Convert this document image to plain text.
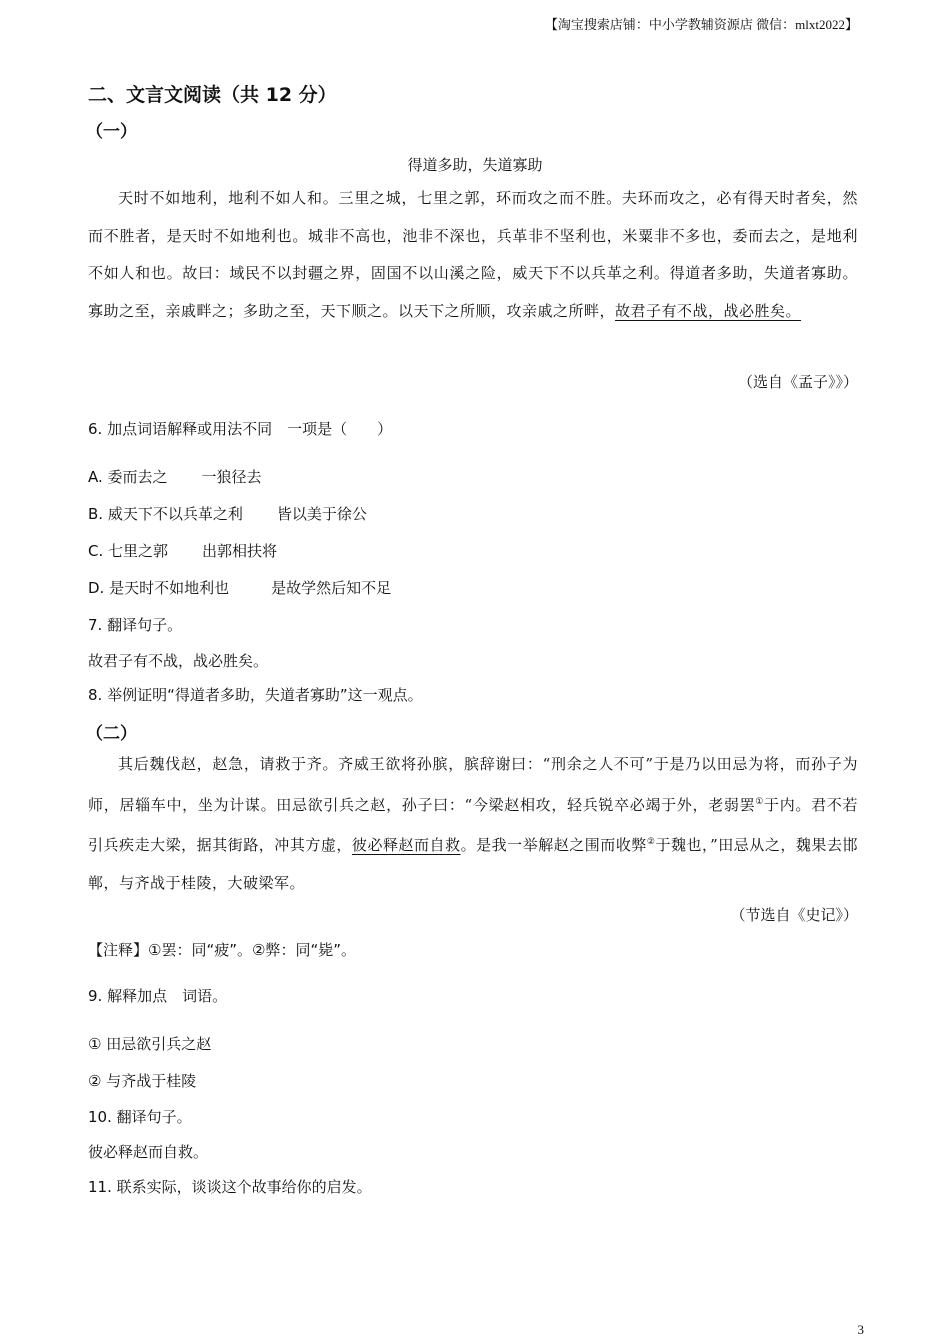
【淘宝搜索店铺：中小学教辅资源店 微信：mlxt2022】
二、文言文阅读（共 12 分）
（一）
得道多助，失道寡助

天时不如地利，地利不如人和。三里之城，七里之郭，环而攻之而不胜。夫环而攻之，必有得天时者矣，然而不胜者，是天时不如地利也。城非不高也，池非不深也，兵革非不坚利也，米粟非不多也，委而去之，是地利不如人和也。故曰：域民不以封疆之界，固国不以山溪之险，威天下不以兵革之利。得道者多助，失道者寡助。寡助之至，亲戚畔之；多助之至，天下顺之。以天下之所顺，攻亲戚之所畔，故君子有不战，战必胜矣。

（选自《孟子》》）
6. 加点词语解释或用法不同　一项是（　　）
A. 委而去之 一狼径去
B. 威天下不以兵革之利 皆以美于徐公
C. 七里之郭 出郭相扶将
D. 是天时不如地利也	是故学然后知不足
7. 翻译句子。
故君子有不战，战必胜矣。
8. 举例证明“得道者多助，失道者寡助”这一观点。
（二）

其后魏伐赵，赵急，请救于齐。齐威王欲将孙膑，膑辞谢曰：“刑余之人不可”于是乃以田忌为将，而孙子为师，居辎车中，坐为计谋。田忌欲引兵之赵，孙子曰：“今梁赵相攻，轻兵锐卒必竭于外，老弱罢①于内。君不若引兵疾走大梁，据其街路，冲其方虚，彼必释赵而自救。是我一举解赵之围而收弊②于魏也，”田忌从之，魏果去邯郸，与齐战于桂陵，大破梁军。

（节选自《史记》）
【注释】①罢：同“疲”。②弊：同“毙”。
9. 解释加点　词语。
① 田忌欲引兵之赵
② 与齐战于桂陵
10. 翻译句子。
彼必释赵而自救。
11. 联系实际，谈谈这个故事给你的启发。
3
